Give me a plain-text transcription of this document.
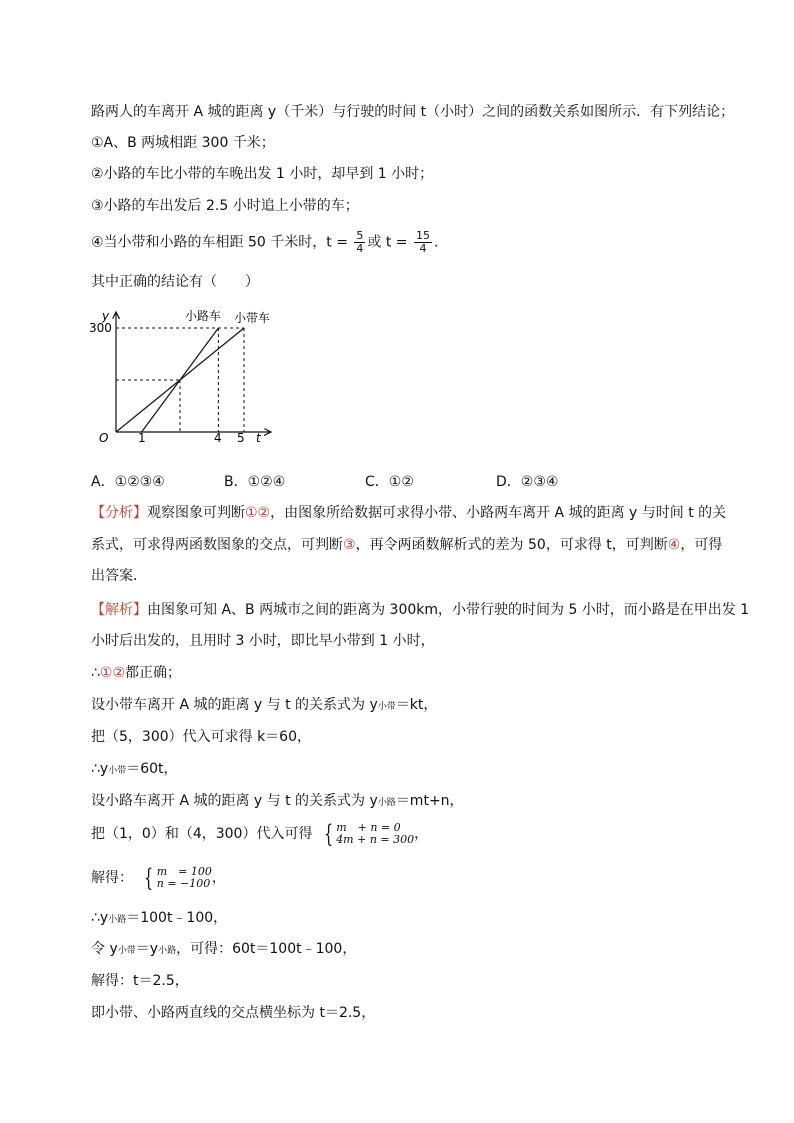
路两人的车离开 A 城的距离 y（千米）与行驶的时间 t（小时）之间的函数关系如图所示．有下列结论；
①A、B 两城相距 300 千米；
②小路的车比小带的车晚出发 1 小时，却早到 1 小时；
③小路的车出发后 2.5 小时追上小带的车；
④当小带和小路的车相距 50 千米时，$t = \frac{5}{4}$ 或 $t = \frac{15}{4}$ .
其中正确的结论有（　　）
y
t
O
300
1	4 5
小路车 小带车
A．①②③④	B．①②④	C．①②	D．②③④
【分析】观察图象可判断①②，由图象所给数据可求得小带、小路两车离开 A 城的距离 y 与时间 t 的关
系式，可求得两函数图象的交点，可判断③，再令两函数解析式的差为 50，可求得 t，可判断④，可得
出答案．
【解析】由图象可知 A、B 两城市之间的距离为 300km，小带行驶的时间为 5 小时，而小路是在甲出发 1
小时后出发的，且用时 3 小时，即比早小带到 1 小时，
∴①②都正确；
设小带车离开 A 城的距离 y 与 t 的关系式为 y小带＝kt，
把（5，300）代入可求得 k＝60，
∴y小带＝60t，
设小路车离开 A 城的距离 y 与 t 的关系式为 y小路＝mt+n，
把（1，0）和（4，300）代入可得 { m　+ n = 0
4m + n = 300 ，
解得： { m　= 100
n = −100 ，
∴y小路＝100t﹣100，
令 y小带＝y小路，可得：60t＝100t﹣100，
解得：t＝2.5，
即小带、小路两直线的交点横坐标为 t＝2.5，
